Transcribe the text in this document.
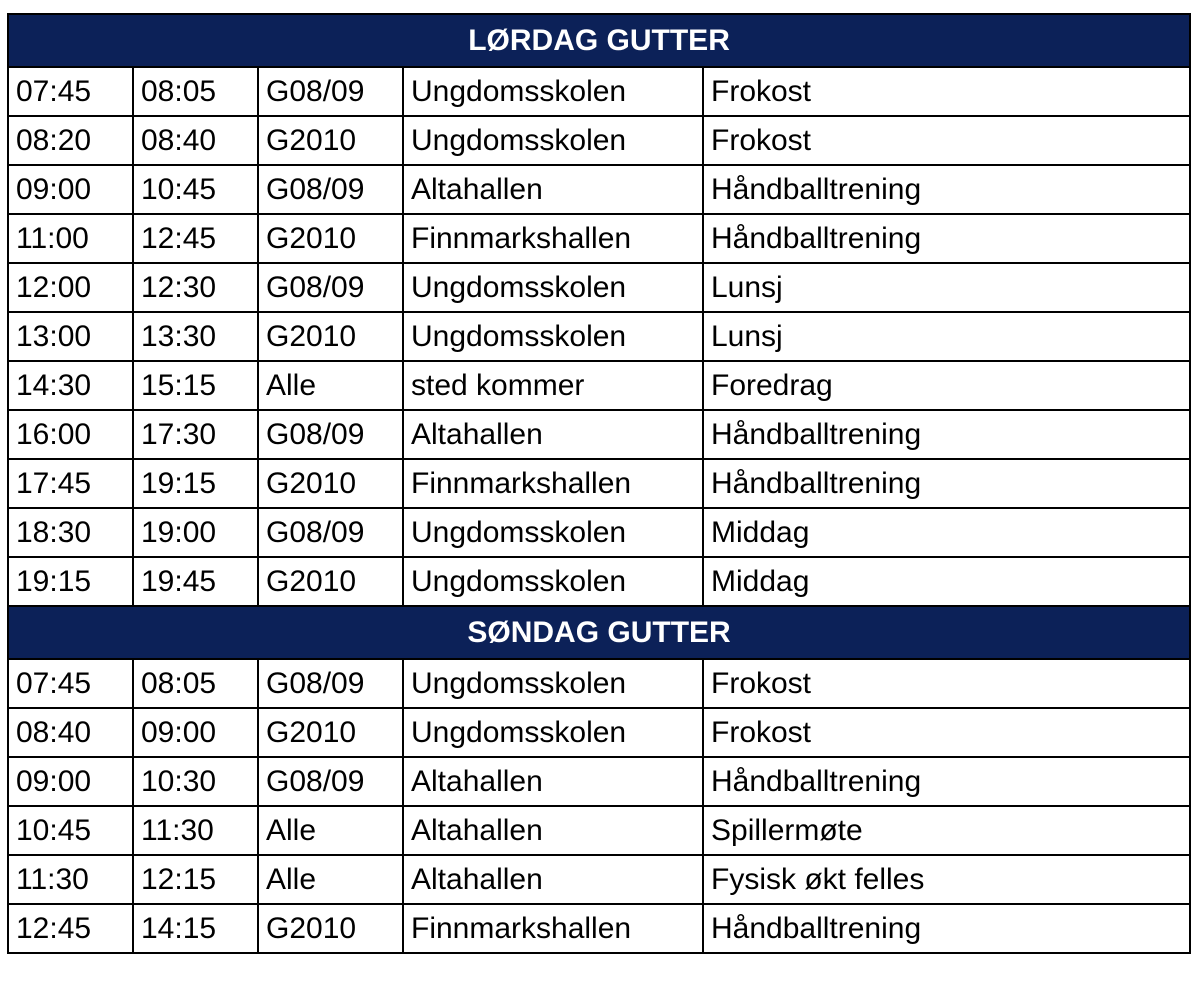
LØRDAG GUTTER				
07:45	08:05	G08/09	Ungdomsskolen	Frokost
08:20	08:40	G2010	Ungdomsskolen	Frokost
09:00	10:45	G08/09	Altahallen	Håndballtrening
11:00	12:45	G2010	Finnmarkshallen	Håndballtrening
12:00	12:30	G08/09	Ungdomsskolen	Lunsj
13:00	13:30	G2010	Ungdomsskolen	Lunsj
14:30	15:15	Alle	sted kommer	Foredrag
16:00	17:30	G08/09	Altahallen	Håndballtrening
17:45	19:15	G2010	Finnmarkshallen	Håndballtrening
18:30	19:00	G08/09	Ungdomsskolen	Middag
19:15	19:45	G2010	Ungdomsskolen	Middag
SØNDAG GUTTER				
07:45	08:05	G08/09	Ungdomsskolen	Frokost
08:40	09:00	G2010	Ungdomsskolen	Frokost
09:00	10:30	G08/09	Altahallen	Håndballtrening
10:45	11:30	Alle	Altahallen	Spillermøte
11:30	12:15	Alle	Altahallen	Fysisk økt felles
12:45	14:15	G2010	Finnmarkshallen	Håndballtrening
